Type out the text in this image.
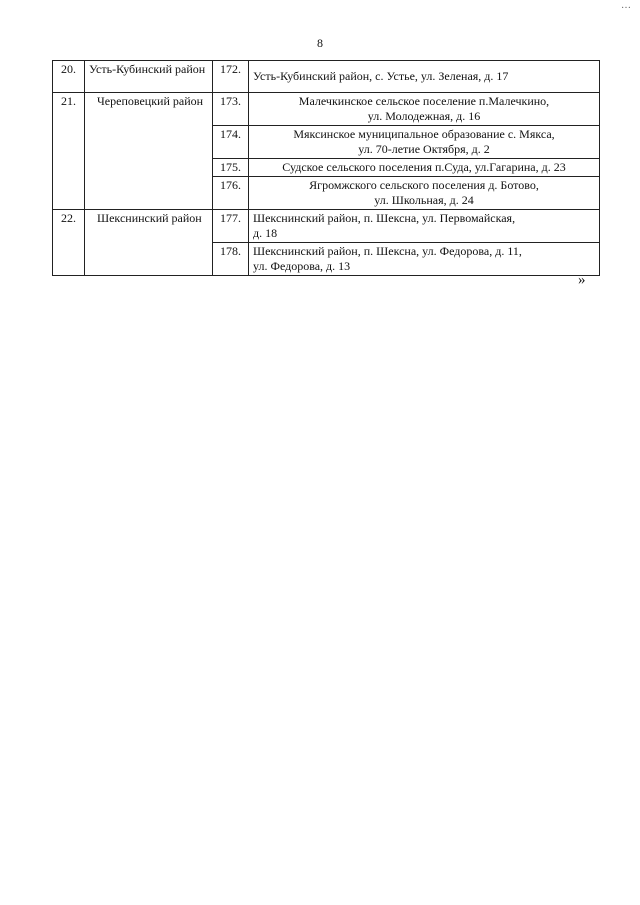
…
8
20.	Усть-Кубинский район	172.	Усть-Кубинский район, с. Устье, ул. Зеленая, д. 17

21.	Череповецкий район	173.	Малечкинское сельское поселение п.Малечкино,
ул. Молодежная, д. 16

		174.	Мяксинское муниципальное образование с. Мякса,
ул. 70-летие Октября, д. 2

		175.	Судское сельского поселения п.Суда, ул.Гагарина, д. 23

		176.	Ягромжского сельского поселения д. Ботово,
ул. Школьная, д. 24

22.	Шекснинский район	177.	Шекснинский район, п. Шексна, ул. Первомайская,
д. 18

		178.	Шекснинский район, п. Шексна, ул. Федорова, д. 11,
ул. Федорова, д. 13
»
